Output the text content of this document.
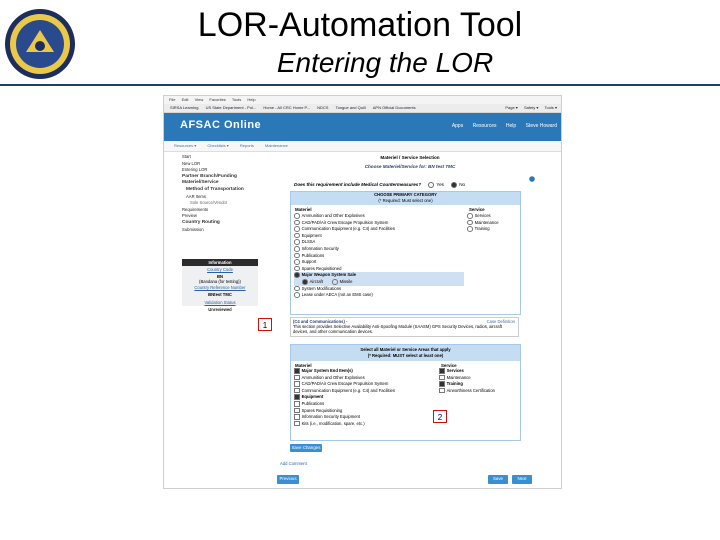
LOR-Automation Tool
Entering the LOR
File Edit View Favorites Tools Help
SIRSA Learning US State Department - Pol... Home - All CRC Home P... NDCS Tongue and Quill APN Official Documents	Page ▾ Safety ▾ Tools ▾
AFSAC Online	Apps Resources Help Steve Howard
Resources ▾	Checklists ▾	Reports	Maintenance
Start
New LOR
Entering LOR
Partner Branch/Funding
Materiel/Service
Method of Transportation
AAR Items
Sole Source/Vendor
Requirements
Preview
Country Routing
Submission
Information
Country Code
BN
(Bandana (for testing))
Country Reference Number
BNtest TMC
Validation Status
Unreviewed
Materiel / Service Selection
Choose Materiel/Service for: BN test TMC
Does this requirement include Medical Countermeasures?	Yes	No
CHOOSE PRIMARY CATEGORY
(* Required: Must select one)
Materiel	Service
Ammunition and Other Explosives
CAD/PAD/Air Crew Escape Propulsion System
Communication Equipment (e.g. C4) and Facilities
Equipment
DLSSA
Information Security
Publications
Support
Spares Requisitioned
Major Weapon System Sale
Aircraft	Missile
System Modifications
Lease under AECA (not an EMS case)
Services
Maintenance
Training
(C4 and Communications) -	Case Definition
This section provides Selective Availability Anti-Spoofing Module (SAASM) GPS Security Devices, radios, aircraft devices, and other communication devices.
Select all Materiel or Service Areas that apply
(* Required: MUST select at least one)
Materiel	Service
Major System End Item(s)
Ammunition and Other Explosives
CAD/PAD/Air Crew Escape Propulsion System
Communication Equipment (e.g. C4) and Facilities
Equipment
Publications
Spares Requisitioning
Information Security Equipment
Kits (i.e., modification, spare, etc.)
Services
Maintenance
Training
Airworthiness Certification
Save Changes
Add Comment
Previous	Save	Next
1
2
